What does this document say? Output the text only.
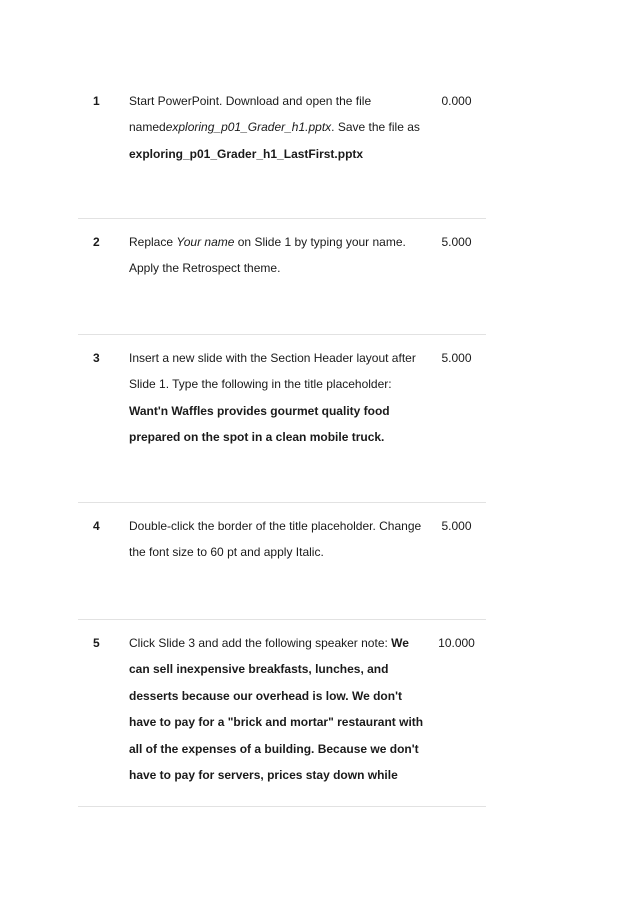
1	Start PowerPoint. Download and open the file
namedexploring_p01_Grader_h1.pptx. Save the file as
exploring_p01_Grader_h1_LastFirst.pptx
0.000
2	Replace Your name on Slide 1 by typing your name. Apply the Retrospect theme.
5.000
3	Insert a new slide with the Section Header layout after Slide 1. Type the following in the title placeholder: Want'n Waffles provides gourmet quality food prepared on the spot in a clean mobile truck.
5.000
4	Double-click the border of the title placeholder. Change the font size to 60 pt and apply Italic.
5.000
5	Click Slide 3 and add the following speaker note: We can sell inexpensive breakfasts, lunches, and desserts because our overhead is low. We don't have to pay for a "brick and mortar" restaurant with all of the expenses of a building. Because we don't have to pay for servers, prices stay down while
10.000
